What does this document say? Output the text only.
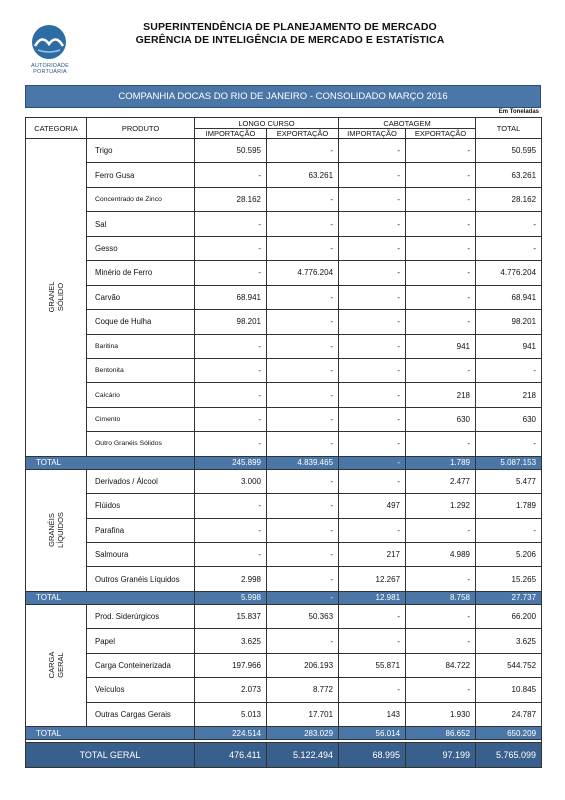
AUTORIDADE PORTUÁRIA
SUPERINTENDÊNCIA DE PLANEJAMENTO DE MERCADO
GERÊNCIA DE INTELIGÊNCIA DE MERCADO E ESTATÍSTICA
COMPANHIA DOCAS DO RIO DE JANEIRO - CONSOLIDADO MARÇO 2016
Em Toneladas
CATEGORIA	PRODUTO	LONGO CURSO		CABOTAGEM		TOTAL
		IMPORTAÇÃO	EXPORTAÇÃO	IMPORTAÇÃO	EXPORTAÇÃO	

GRANEL
SÓLIDO	Trigo	50.595	-	-	-	50.595
	Ferro Gusa	-	63.261	-	-	63.261
	Concentrado de Zinco	28.162	-	-	-	28.162
	Sal	-	-	-	-	-
	Gesso	-	-	-	-	-
	Minério de Ferro	-	4.776.204	-	-	4.776.204
	Carvão	68.941	-	-	-	68.941
	Coque de Hulha	98.201	-	-	-	98.201
	Baritina	-	-	-	941	941
	Bentonita	-	-	-	-	-
	Calcário	-	-	-	218	218
	Cimento	-	-	-	630	630
	Outro Granéis Sólidos	-	-	-	-	-
TOTAL		245.899	4.839.465	-	1.789	5.087.153

GRANÉIS
LÍQUIDOS	Derivados / Álcool	3.000	-	-	2.477	5.477
	Flúidos	-	-	497	1.292	1.789
	Parafina	-	-	-	-	-
	Salmoura	-	-	217	4.989	5.206
	Outros Granéis Líquidos	2.998	-	12.267	-	15.265
TOTAL		5.998	-	12.981	8.758	27.737

CARGA
GERAL	Prod. Siderúrgicos	15.837	50.363	-	-	66.200
	Papel	3.625	-	-	-	3.625
	Carga Conteinerizada	197.966	206.193	55.871	84.722	544.752
	Veículos	2.073	8.772	-	-	10.845
	Outras Cargas Gerais	5.013	17.701	143	1.930	24.787
TOTAL		224.514	283.029	56.014	86.652	650.209

TOTAL GERAL		476.411	5.122.494	68.995	97.199	5.765.099
